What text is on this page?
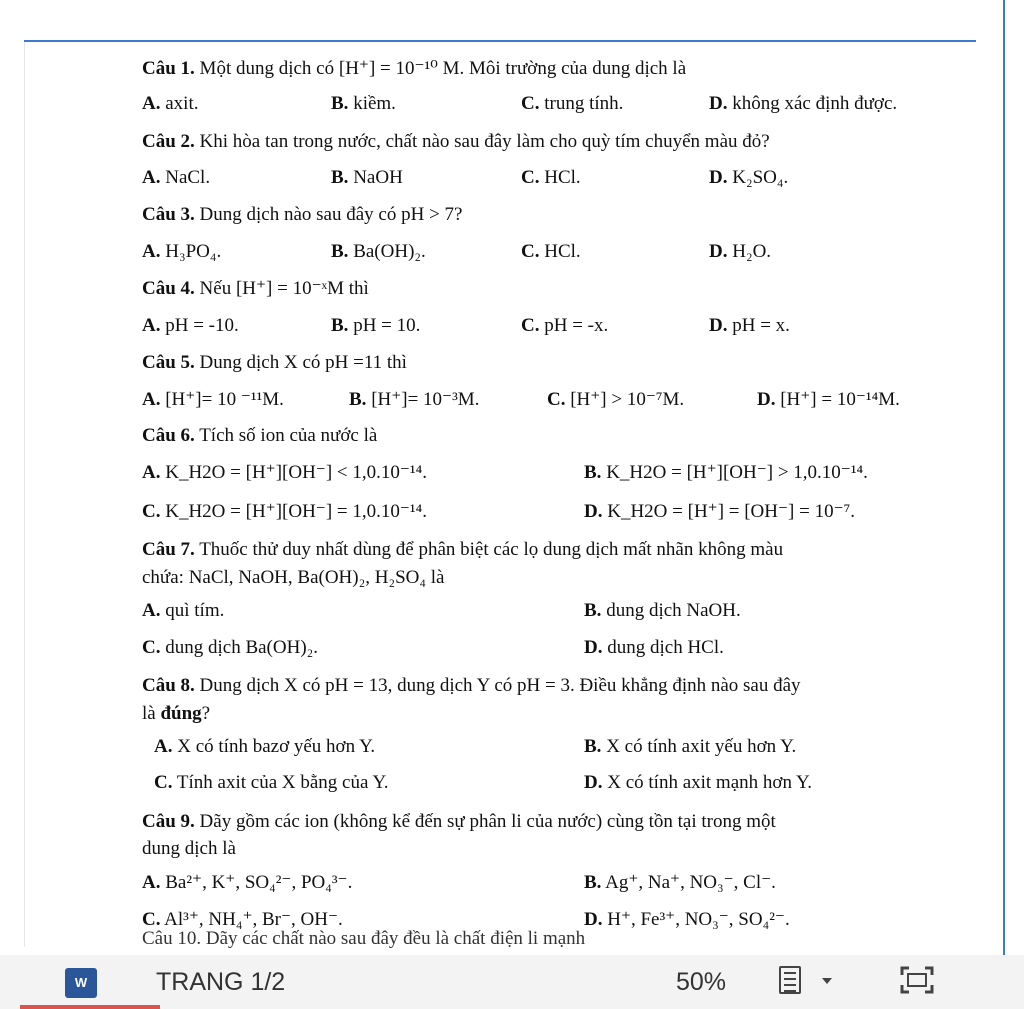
Câu 1. Một dung dịch có [H⁺] = 10⁻¹⁰ M. Môi trường của dung dịch là
A. axit.	B. kiềm.	C. trung tính.	D. không xác định được.
Câu 2. Khi hòa tan trong nước, chất nào sau đây làm cho quỳ tím chuyển màu đỏ?
A. NaCl.	B. NaOH	C. HCl.	D. K₂SO₄.
Câu 3. Dung dịch nào sau đây có pH > 7?
A. H₃PO₄.	B. Ba(OH)₂.	C. HCl.	D. H₂O.
Câu 4. Nếu [H⁺] = 10⁻ˣM thì
A. pH = -10.	B. pH = 10.	C. pH = -x.	D. pH = x.
Câu 5. Dung dịch X có pH =11 thì
A. [H⁺]= 10 ⁻¹¹M.	B. [H⁺]= 10⁻³M.	C. [H⁺] > 10⁻⁷M.	D. [H⁺] = 10⁻¹⁴M.
Câu 6. Tích số ion của nước là
A. K_H2O = [H⁺][OH⁻] < 1,0.10⁻¹⁴.	B. K_H2O = [H⁺][OH⁻] > 1,0.10⁻¹⁴.
C. K_H2O = [H⁺][OH⁻] = 1,0.10⁻¹⁴.	D. K_H2O = [H⁺] = [OH⁻] = 10⁻⁷.
Câu 7. Thuốc thử duy nhất dùng để phân biệt các lọ dung dịch mất nhãn không màu
chứa: NaCl, NaOH, Ba(OH)₂, H₂SO₄ là
A. quì tím.	B. dung dịch NaOH.
C. dung dịch Ba(OH)₂.	D. dung dịch HCl.
Câu 8. Dung dịch X có pH = 13, dung dịch Y có pH = 3. Điều khẳng định nào sau đây
là đúng?
A. X có tính bazơ yếu hơn Y.	B. X có tính axit yếu hơn Y.
C. Tính axit của X bằng của Y.	D. X có tính axit mạnh hơn Y.
Câu 9. Dãy gồm các ion (không kể đến sự phân li của nước) cùng tồn tại trong một
dung dịch là
A. Ba²⁺, K⁺, SO₄²⁻, PO₄³⁻.	B. Ag⁺, Na⁺, NO₃⁻, Cl⁻.
C. Al³⁺, NH₄⁺, Br⁻, OH⁻.	D. H⁺, Fe³⁺, NO₃⁻, SO₄²⁻.
Câu 10. Dãy các chất nào sau đây đều là chất điện li mạnh
W	TRANG 1/2	50%
